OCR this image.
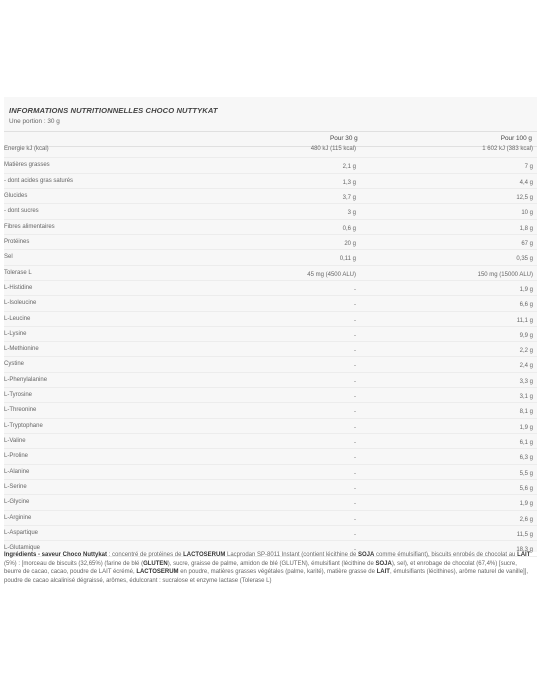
INFORMATIONS NUTRITIONNELLES CHOCO NUTTYKAT
Une portion : 30 g
Pour 30 g	Pour 100 g
Energie kJ (kcal)	480 kJ (115 kcal)	1 602 kJ (383 kcal)
Matières grasses	2,1 g	7 g
- dont acides gras saturés	1,3 g	4,4 g
Glucides	3,7 g	12,5 g
- dont sucres	3 g	10 g
Fibres alimentaires	0,6 g	1,8 g
Protéines	20 g	67 g
Sel	0,11 g	0,35 g
Tolerase L	45 mg (4500 ALU)	150 mg (15000 ALU)
L-Histidine	-	1,9 g
L-Isoleucine	-	6,6 g
L-Leucine	-	11,1 g
L-Lysine	-	9,9 g
L-Methionine	-	2,2 g
Cystine	-	2,4 g
L-Phenylalanine	-	3,3 g
L-Tyrosine	-	3,1 g
L-Threonine	-	8,1 g
L-Tryptophane	-	1,9 g
L-Valine	-	6,1 g
L-Proline	-	6,3 g
L-Alanine	-	5,5 g
L-Serine	-	5,6 g
L-Glycine	-	1,9 g
L-Arginine	-	2,6 g
L-Aspartique	-	11,5 g
L-Glutamique	-	18,3 g
Ingrédients - saveur Choco Nuttykat : concentré de protéines de LACTOSERUM Lacprodan SP-8011 Instant (contient lécithine de SOJA comme émulsifiant), biscuits enrobés de chocolat au LAIT (5%) : [morceau de biscuits (32,65%) (farine de blé (GLUTEN), sucre, graisse de palme, amidon de blé (GLUTEN), émulsifiant (lécithine de SOJA), sel), et enrobage de chocolat (67,4%) [sucre, beurre de cacao, cacao, poudre de LAIT écrémé, LACTOSERUM en poudre, matières grasses végétales (palme, karité), matière grasse de LAIT, émulsifiants (lécithines), arôme naturel de vanille]], poudre de cacao alcalinisé dégraissé, arômes, édulcorant : sucralose et enzyme lactase (Tolerase L)
